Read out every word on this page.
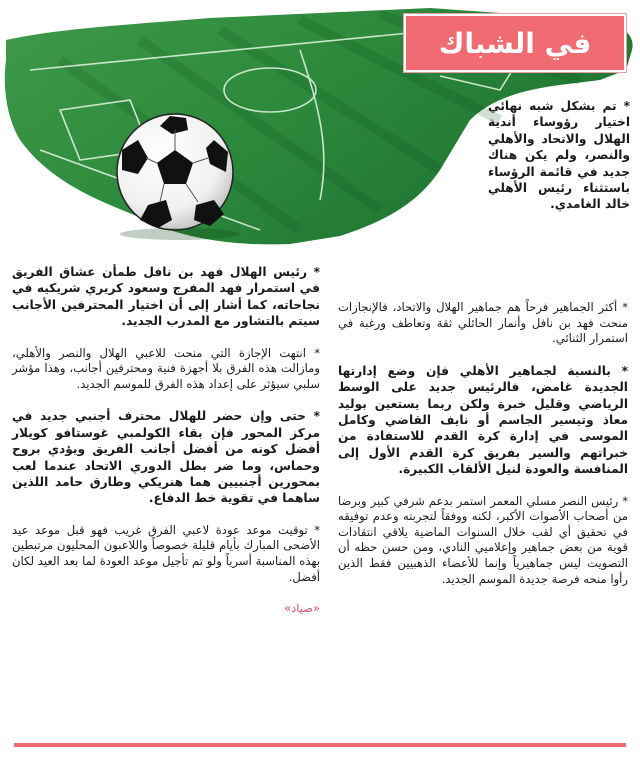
في الشباك
* تم بشكل شبه نهائي اختيار رؤوساء أندية الهلال والاتحاد والأهلي والنصر، ولم يكن هناك جديد في قائمة الرؤساء باستثناء رئيس الأهلي خالد الغامدي.

* أكثر الجماهير فرحاً هم جماهير الهلال والاتحاد، فالإنجازات منحت فهد بن نافل وأنمار الحائلي ثقة وتعاطف ورغبة في استمرار الثنائي.

* بالنسبة لجماهير الأهلي فإن وضع إدارتها الجديدة غامض، فالرئيس جديد على الوسط الرياضي وقليل خبرة ولكن ربما يستعين بوليد معاذ وتيسير الجاسم أو نايف القاضي وكامل الموسى في إدارة كرة القدم للاستفادة من خبراتهم والسير بفريق كرة القدم الأول إلى المنافسة والعودة لنيل الألقاب الكبيرة.

* رئيس النصر مسلي المعمر استمر بدعم شرفي كبير وبرضا من أصحاب الأصوات الأكبر، لكنه ووفقاً لتجربته وعدم توفيقه في تحقيق أي لقب خلال السنوات الماضية يلاقي انتقادات قوية من بعض جماهير وإعلاميي النادي، ومن حسن حظه أن التصويت ليس جماهيرياً وإنما للأعضاء الذهبيين فقط الذين رأوا منحه فرصة جديدة الموسم الجديد.

* رئيس الهلال فهد بن نافل طمأن عشاق الفريق في استمرار فهد المفرج وسعود كريري شريكيه في نجاحاته، كما أشار إلى أن اختيار المحترفين الأجانب سيتم بالتشاور مع المدرب الجديد.

* انتهت الإجازة التي منحت للاعبي الهلال والنصر والأهلي، ومازالت هذه الفرق بلا أجهزة فنية ومحترفين أجانب، وهذا مؤشر سلبي سيؤثر على إعداد هذه الفرق للموسم الجديد.

* حتى وإن حضر للهلال محترف أجنبي جديد في مركز المحور فإن بقاء الكولمبي غوستافو كويلار أفضل كونه من أفضل أجانب الفريق ويؤدي بروح وحماس، وما ضر بطل الدوري الاتحاد عندما لعب بمحورين أجنبيين هما هنريكي وطارق حامد اللذين ساهما في تقوية خط الدفاع.

* توقيت موعد عودة لاعبي الفرق غريب فهو قبل موعد عيد الأضحى المبارك بأيام قليلة خصوصاً واللاعبون المحليون مرتبطين بهذه المناسبة أسرياً ولو تم تأجيل موعد العودة لما بعد العيد لكان أفضل.

«صياد»
